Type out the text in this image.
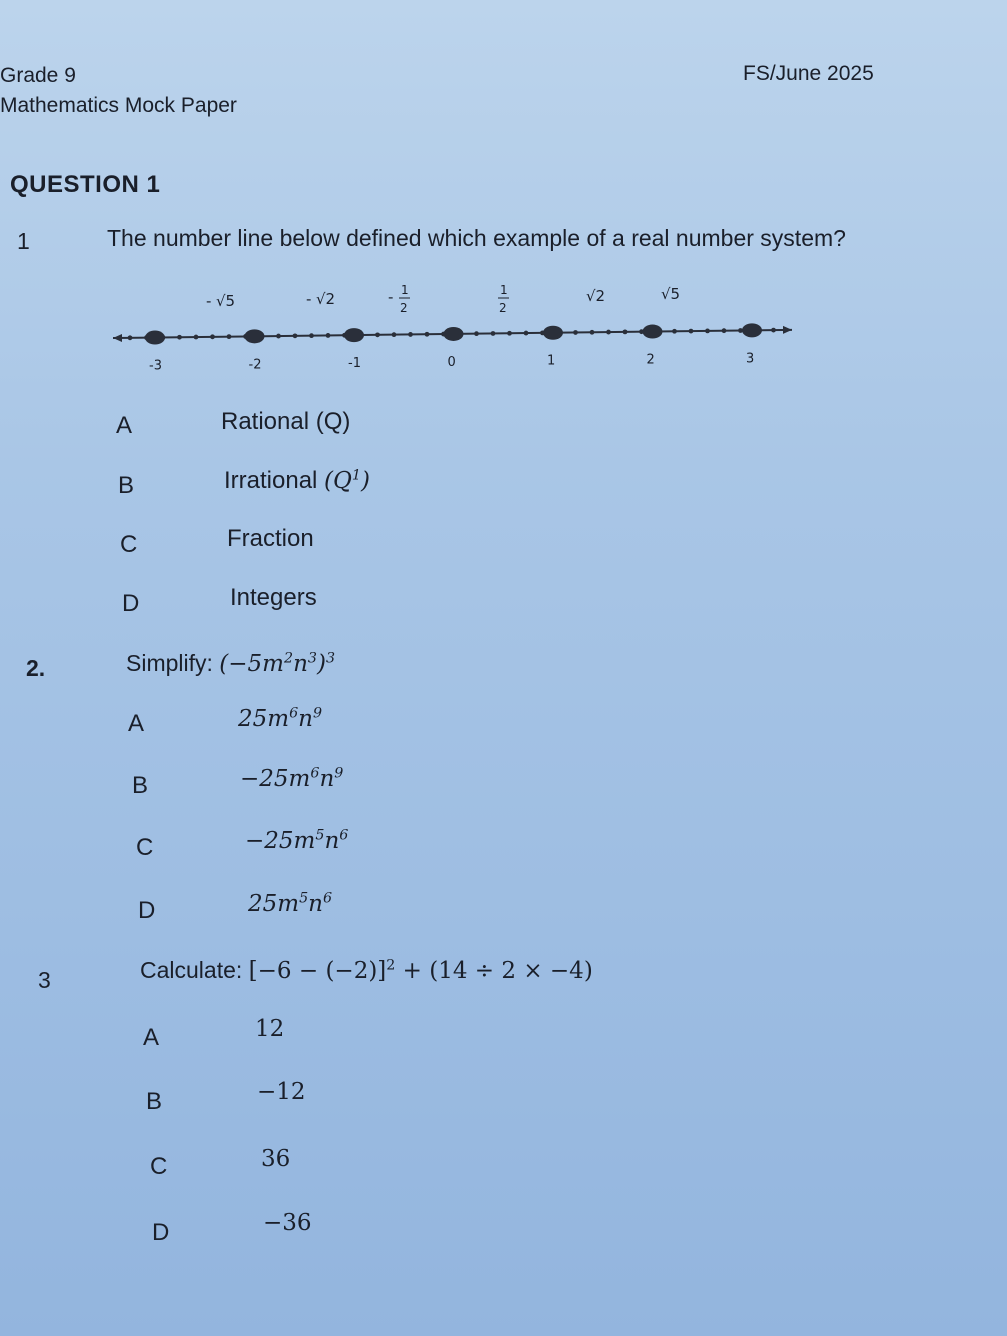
Grade 9
Mathematics Mock Paper
FS/June 2025
QUESTION 1
1	The number line below defined which example of a real number system?
- √5	- √2	- 1
2
1
2
√2	√5
-3	-2	-1	0	1	2	3
A	Rational (Q)
B	Irrational $(Q^1)$
C	Fraction
D	Integers
2.	Simplify: $(-5m^2n^3)^3$
A	$25m^6n^9$
B	$-25m^6n^9$
C	$-25m^5n^6$
D	$25m^5n^6$
3	Calculate: $[-6 - (-2)]^2 + (14 \div 2 \times -4)$
A	12
B	−12
C	36
D	−36
